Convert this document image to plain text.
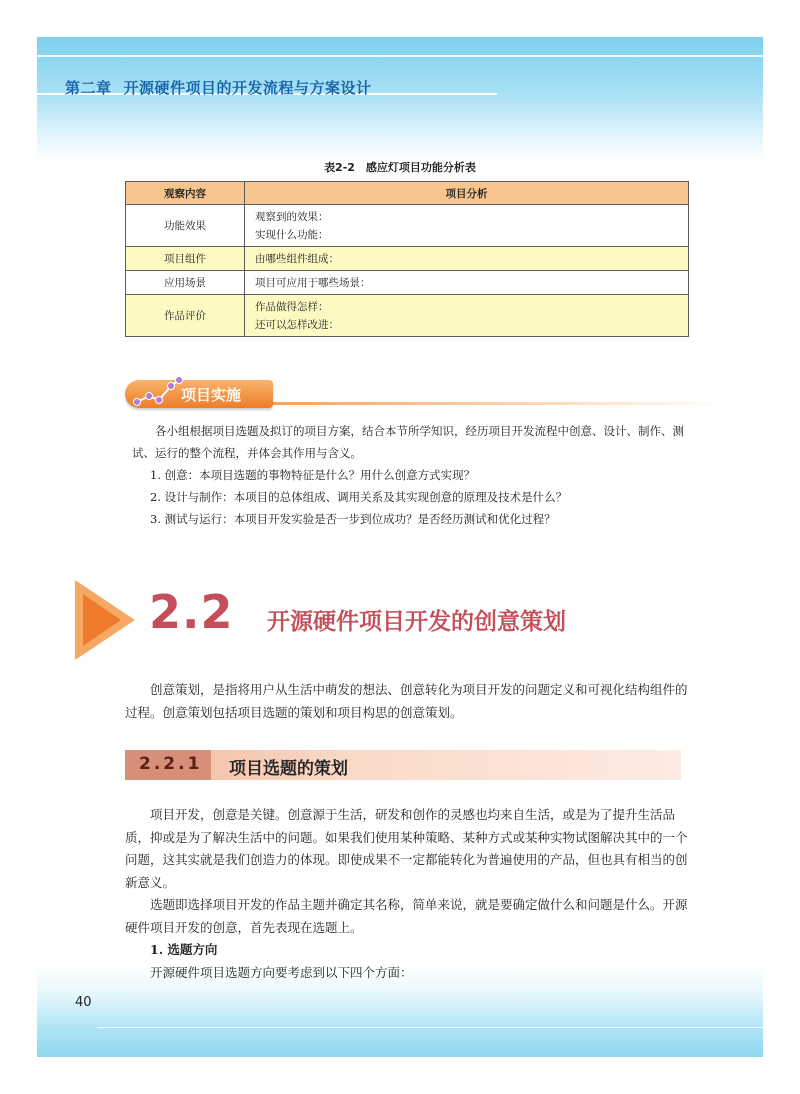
第二章 开源硬件项目的开发流程与方案设计
表2-2　感应灯项目功能分析表
观察内容	项目分析
功能效果	观察到的效果：
实现什么功能：

项目组件	由哪些组件组成：

应用场景	项目可应用于哪些场景：

作品评价	作品做得怎样：
还可以怎样改进：
项目实施

各小组根据项目选题及拟订的项目方案，结合本节所学知识，经历项目开发流程中创意、设计、制作、测试、运行的整个流程，并体会其作用与含义。

1. 创意：本项目选题的事物特征是什么？用什么创意方式实现？

2. 设计与制作：本项目的总体组成、调用关系及其实现创意的原理及技术是什么？

3. 测试与运行：本项目开发实验是否一步到位成功？是否经历测试和优化过程？

2.2 开源硬件项目开发的创意策划

创意策划，是指将用户从生活中萌发的想法、创意转化为项目开发的问题定义和可视化结构组件的过程。创意策划包括项目选题的策划和项目构思的创意策划。

2.2.1 项目选题的策划

项目开发，创意是关键。创意源于生活，研发和创作的灵感也均来自生活，或是为了提升生活品质，抑或是为了解决生活中的问题。如果我们使用某种策略、某种方式或某种实物试图解决其中的一个问题，这其实就是我们创造力的体现。即使成果不一定都能转化为普遍使用的产品，但也具有相当的创新意义。

选题即选择项目开发的作品主题并确定其名称，简单来说，就是要确定做什么和问题是什么。开源硬件项目开发的创意，首先表现在选题上。

1. 选题方向

开源硬件项目选题方向要考虑到以下四个方面：

40
